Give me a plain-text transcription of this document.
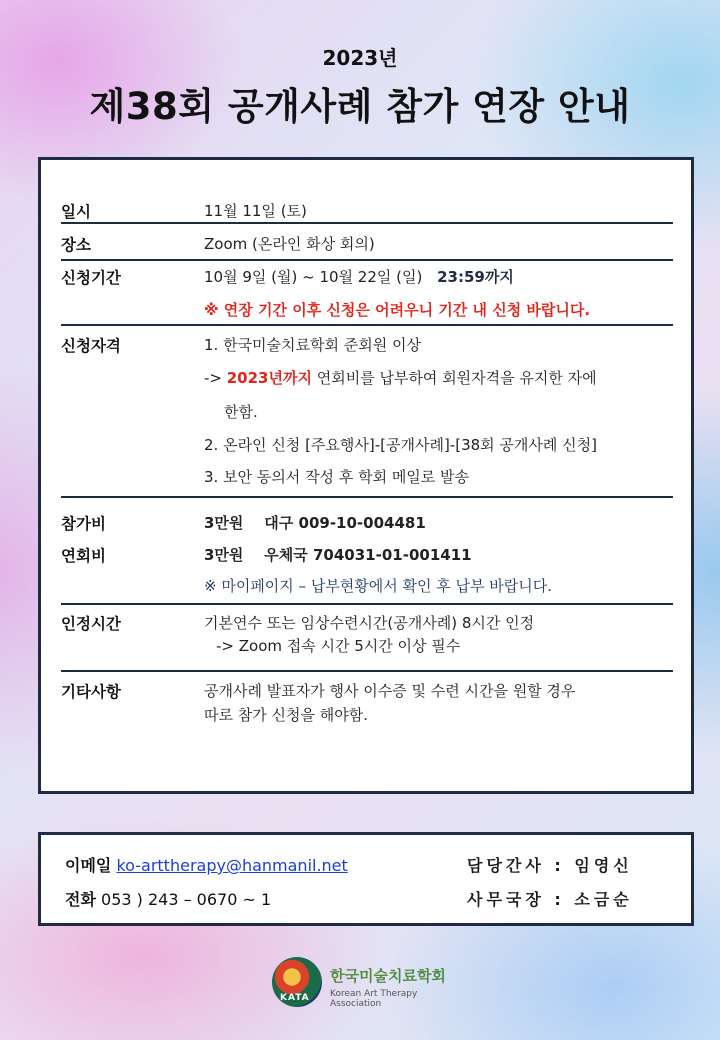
2023년
제38회 공개사례 참가 연장 안내
일시	11월 11일 (토)
장소	Zoom (온라인 화상 회의)
신청기간	10월 9일 (월) ~ 10월 22일 (일) 23:59까지
※ 연장 기간 이후 신청은 어려우니 기간 내 신청 바랍니다.
신청자격	1. 한국미술치료학회 준회원 이상
-> 2023년까지 연회비를 납부하여 회원자격을 유지한 자에
한함.
2. 온라인 신청 [주요행사]-[공개사례]-[38회 공개사례 신청]
3. 보안 동의서 작성 후 학회 메일로 발송
참가비	3만원    대구 009-10-004481
연회비	3만원    우체국 704031-01-001411
※ 마이페이지 – 납부현황에서 확인 후 납부 바랍니다.
인정시간	기본연수 또는 임상수련시간(공개사례) 8시간 인정
-> Zoom 접속 시간 5시간 이상 필수
기타사항	공개사례 발표자가 행사 이수증 및 수련 시간을 원할 경우
따로 참가 신청을 해야함.
이메일 ko-arttherapy@hanmanil.net
전화 053 ) 243 – 0670 ~ 1
담당간사 : 임영신
사무국장 : 소금순
KATA
한국미술치료학회
Korean Art Therapy Association
